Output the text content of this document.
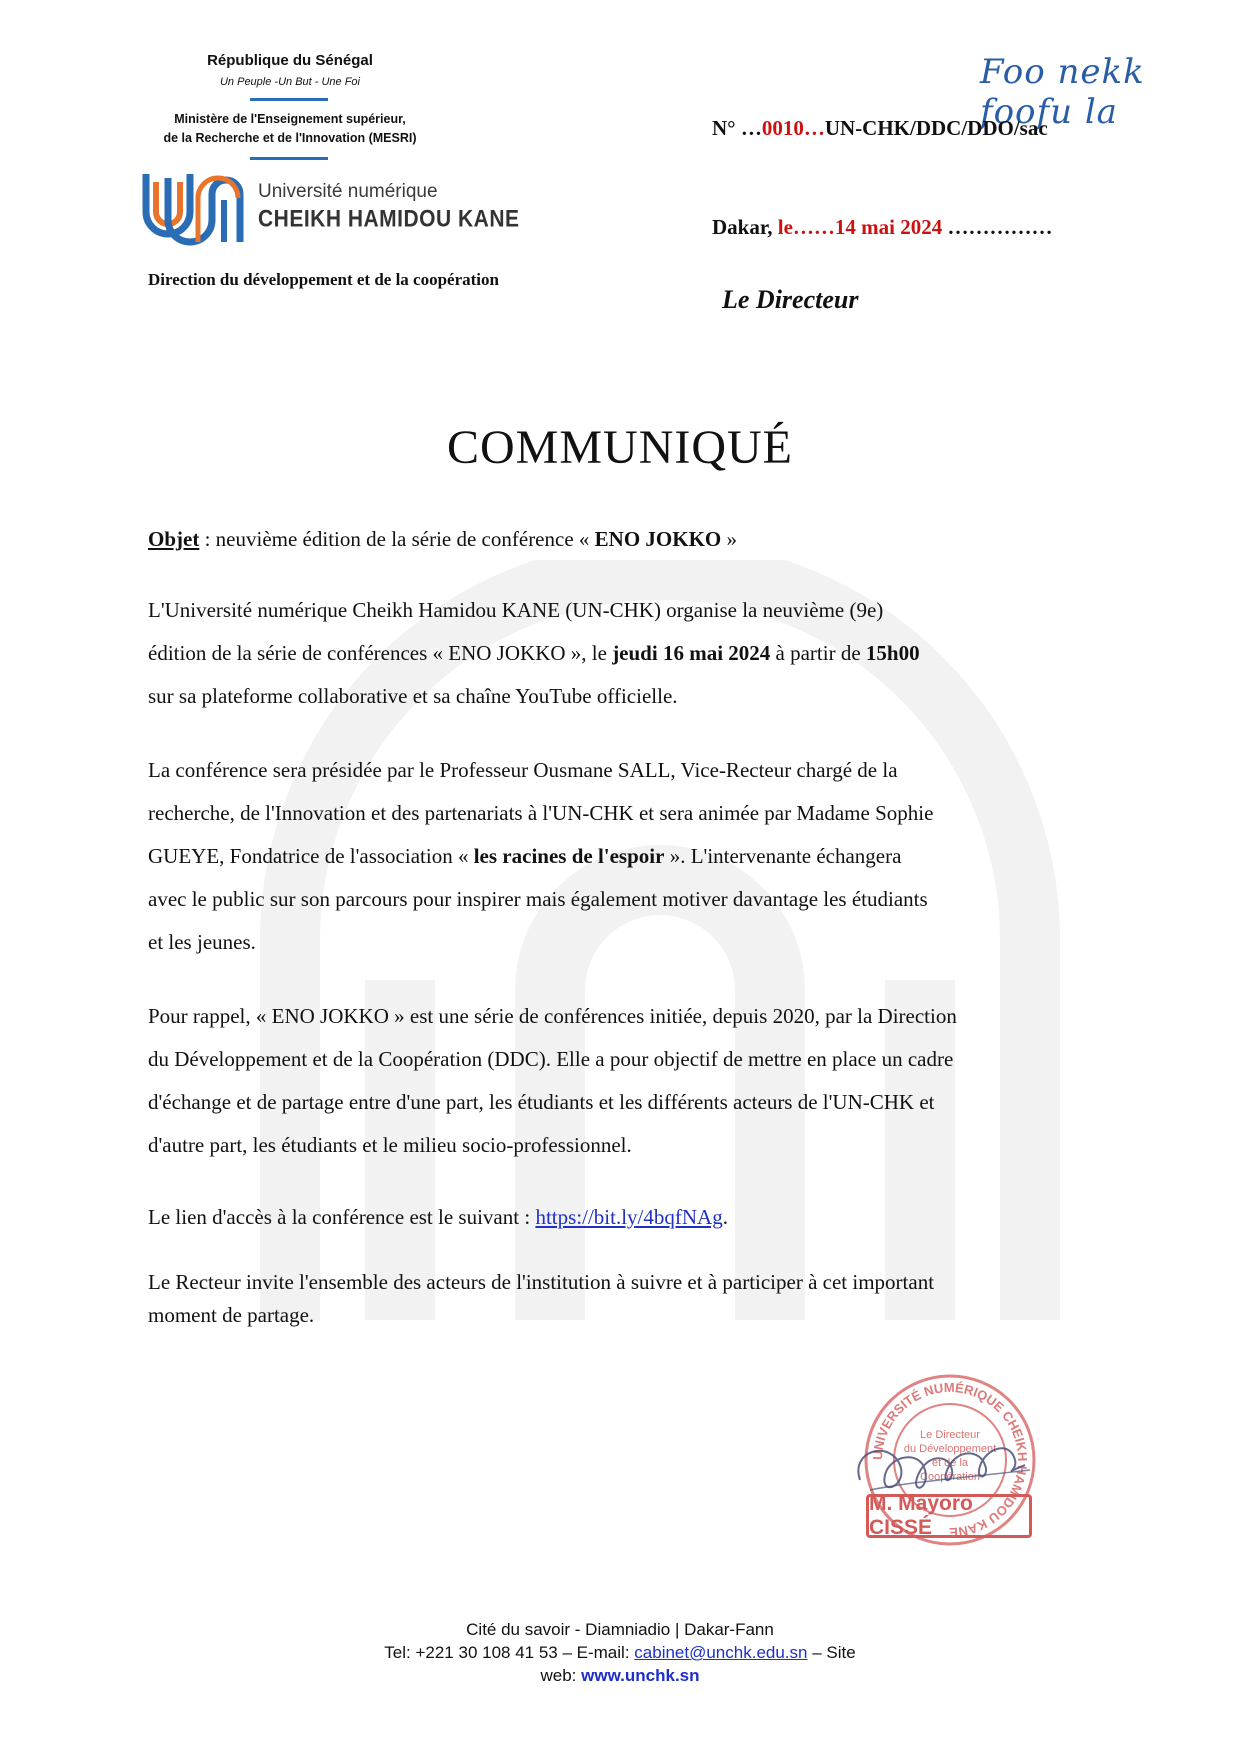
République du Sénégal
Un Peuple -Un But - Une Foi
Ministère de l'Enseignement supérieur,
de la Recherche et de l'Innovation (MESRI)
Université numérique
CHEIKH HAMIDOU KANE
Direction du développement et de la coopération
Foo nekk foofu la
N° …0010…UN-CHK/DDC/DDO/sac
Dakar, le……14 mai 2024 ……………
Le Directeur
COMMUNIQUÉ
Objet : neuvième édition de la série de conférence « ENO JOKKO »
L'Université numérique Cheikh Hamidou KANE (UN-CHK) organise la neuvième (9e)
édition de la série de conférences « ENO JOKKO », le jeudi 16 mai 2024 à partir de 15h00
sur sa plateforme collaborative et sa chaîne YouTube officielle.
La conférence sera présidée par le Professeur Ousmane SALL, Vice-Recteur chargé de la
recherche, de l'Innovation et des partenariats à l'UN-CHK et sera animée par Madame Sophie
GUEYE, Fondatrice de l'association « les racines de l'espoir ». L'intervenante échangera
avec le public sur son parcours pour inspirer mais également motiver davantage les étudiants
et les jeunes.
Pour rappel, « ENO JOKKO » est une série de conférences initiée, depuis 2020, par la Direction
du Développement et de la Coopération (DDC). Elle a pour objectif de mettre en place un cadre
d'échange et de partage entre d'une part, les étudiants et les différents acteurs de l'UN-CHK et
d'autre part, les étudiants et le milieu socio-professionnel.
Le lien d'accès à la conférence est le suivant : https://bit.ly/4bqfNAg.
Le Recteur invite l'ensemble des acteurs de l'institution à suivre et à participer à cet important
moment de partage.
UNIVERSITÉ NUMÉRIQUE CHEIKH HAMIDOU KANE
Le Directeur
du Développement
et de la
Coopération
M. Mayoro CISSÉ
Cité du savoir - Diamniadio | Dakar-Fann
Tel: +221 30 108 41 53 – E-mail: cabinet@unchk.edu.sn – Site
web: www.unchk.sn
